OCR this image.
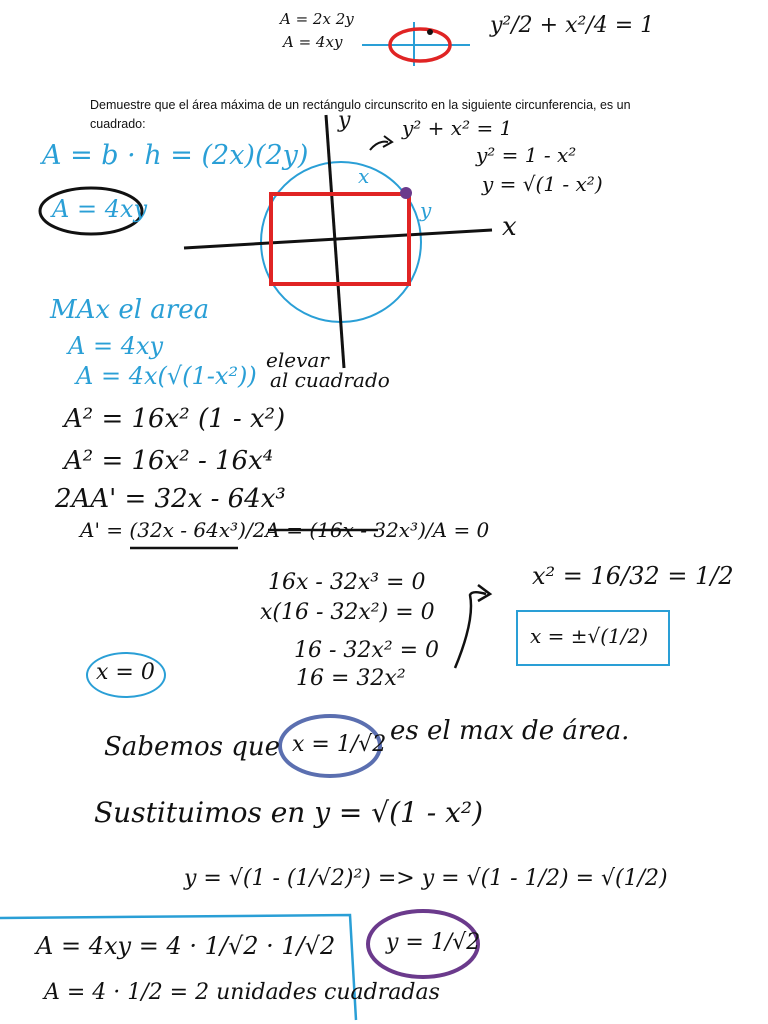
A = 2x 2y
A = 4xy
y²/2 + x²/4 = 1
Demuestre que el área máxima de un rectángulo circunscrito en la siguiente circunferencia, es un cuadrado:	y
x
x
y
y² + x² = 1
y² = 1 - x²
y = √(1 - x²)
A = b · h = (2x)(2y)
A = 4xy
MAx el area
A = 4xy
A = 4x(√(1-x²))
elevar
al cuadrado
A² = 16x² (1 - x²)
A² = 16x² - 16x⁴
2AA' = 32x - 64x³
A' = (32x - 64x³)/2A = (16x - 32x³)/A = 0
16x - 32x³ = 0
x(16 - 32x²) = 0
16 - 32x² = 0
16 = 32x²
x = 0
x² = 16/32 = 1/2
x = ±√(1/2)
Sabemos que x = 1/√2 es el max de área.
Sustituimos en y = √(1 - x²)
y = √(1 - (1/√2)²) => y = √(1 - 1/2) = √(1/2)
y = 1/√2
A = 4xy = 4 · 1/√2 · 1/√2
A = 4 · 1/2 = 2 unidades cuadradas
